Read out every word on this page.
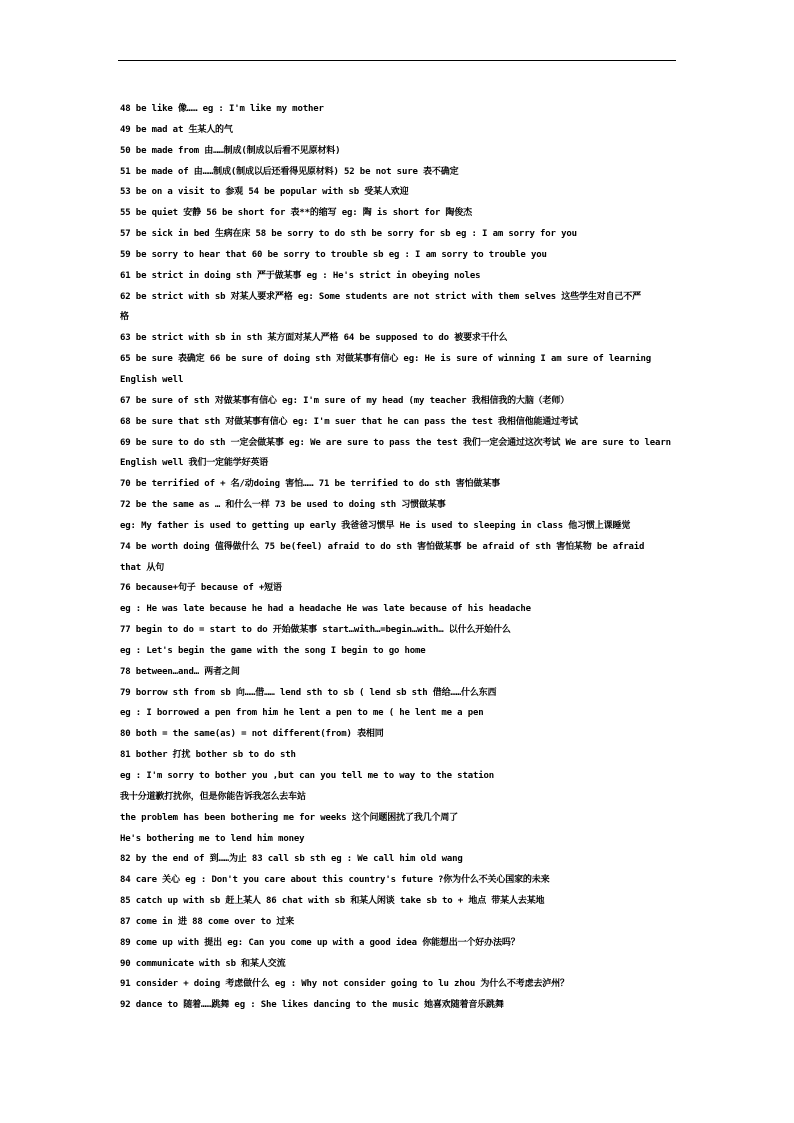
48 be like 像…… eg : I'm like my mother
49 be mad at 生某人的气
50 be made from 由……制成(制成以后看不见原材料)
51 be made of 由……制成(制成以后还看得见原材料) 52 be not sure 表不确定
53 be on a visit to 参观 54 be popular with sb 受某人欢迎
55 be quiet 安静 56 be short for 表**的缩写 eg: 陶 is short for 陶俊杰
57 be sick in bed 生病在床 58 be sorry to do sth be sorry for sb eg : I am sorry for you
59 be sorry to hear that 60 be sorry to trouble sb eg : I am sorry to trouble you
61 be strict in doing sth 严于做某事 eg : He's strict in obeying noles
62 be strict with sb 对某人要求严格 eg: Some students are not strict with them selves 这些学生对自己不严
格
63 be strict with sb in sth 某方面对某人严格 64 be supposed to do 被要求干什么
65 be sure 表确定 66 be sure of doing sth 对做某事有信心 eg: He is sure of winning I am sure of learning
English well
67 be sure of sth 对做某事有信心 eg: I'm sure of my head (my teacher 我相信我的大脑（老师）
68 be sure that sth 对做某事有信心 eg: I'm suer that he can pass the test 我相信他能通过考试
69 be sure to do sth 一定会做某事 eg: We are sure to pass the test 我们一定会通过这次考试 We are sure to learn
English well 我们一定能学好英语
70 be terrified of + 名/动doing 害怕…… 71 be terrified to do sth 害怕做某事
72 be the same as … 和什么一样 73 be used to doing sth 习惯做某事
eg: My father is used to getting up early 我爸爸习惯早 He is used to sleeping in class 他习惯上课睡觉
74 be worth doing 值得做什么 75 be(feel) afraid to do sth 害怕做某事 be afraid of sth 害怕某物 be afraid
that 从句
76 because+句子 because of +短语
eg : He was late because he had a headache He was late because of his headache
77 begin to do = start to do 开始做某事 start…with…=begin…with… 以什么开始什么
eg : Let's begin the game with the song I begin to go home
78 between…and… 两者之间
79 borrow sth from sb 向……借…… lend sth to sb ( lend sb sth 借给……什么东西
eg : I borrowed a pen from him he lent a pen to me ( he lent me a pen
80 both = the same(as) = not different(from) 表相同
81 bother 打扰 bother sb to do sth
eg : I'm sorry to bother you ,but can you tell me to way to the station
我十分道歉打扰你，但是你能告诉我怎么去车站
the problem has been bothering me for weeks 这个问题困扰了我几个周了
He's bothering me to lend him money
82 by the end of 到……为止 83 call sb sth eg : We call him old wang
84 care 关心 eg : Don't you care about this country's future ?你为什么不关心国家的未来
85 catch up with sb 赶上某人 86 chat with sb 和某人闲谈 take sb to + 地点 带某人去某地
87 come in 进 88 come over to 过来
89 come up with 提出 eg: Can you come up with a good idea 你能想出一个好办法吗？
90 communicate with sb 和某人交流
91 consider + doing 考虑做什么 eg : Why not consider going to lu zhou 为什么不考虑去泸州？
92 dance to 随着……跳舞 eg : She likes dancing to the music 她喜欢随着音乐跳舞
